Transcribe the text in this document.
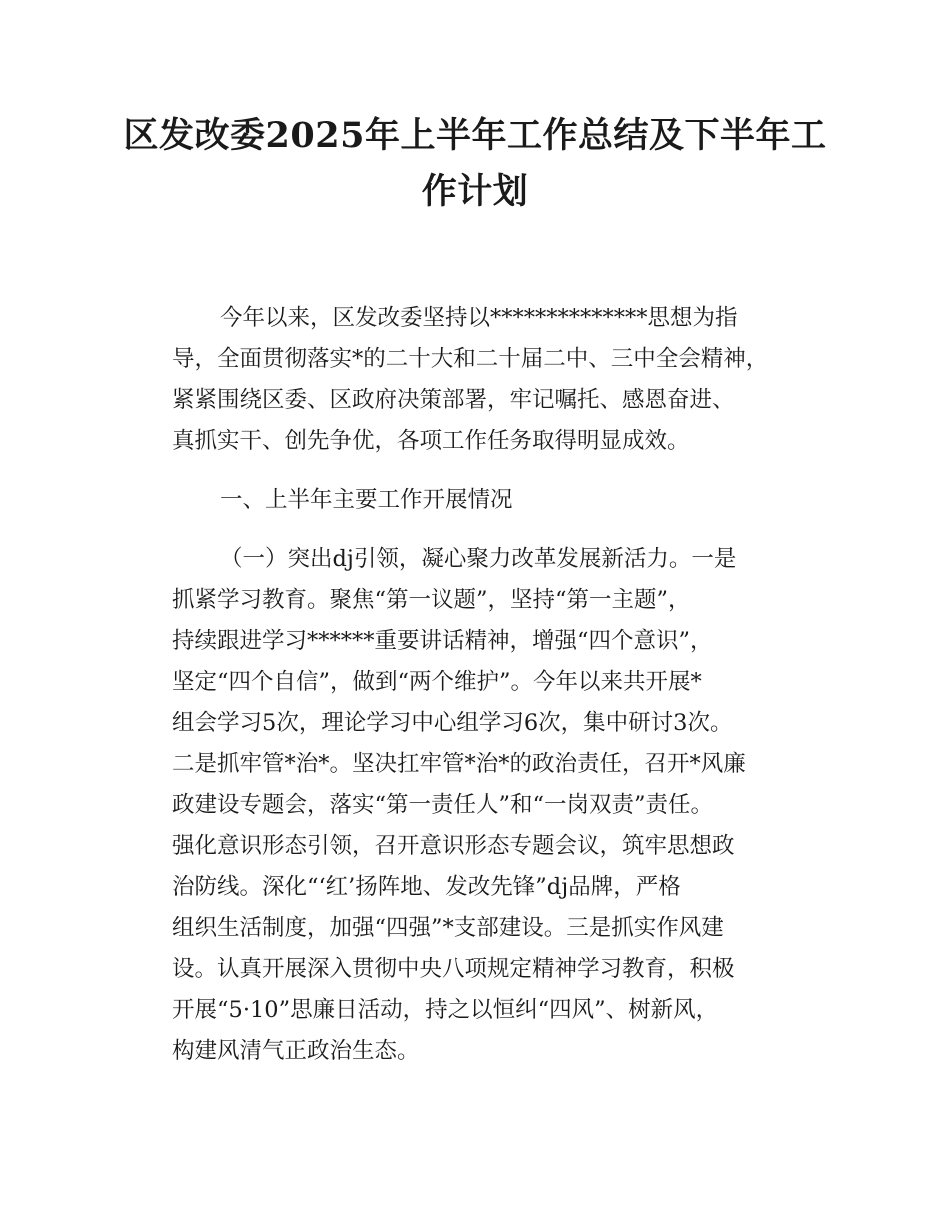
区发改委2025年上半年工作总结及下半年工
作计划
今年以来，区发改委坚持以**************思想为指
导，全面贯彻落实*的二十大和二十届二中、三中全会精神，
紧紧围绕区委、区政府决策部署，牢记嘱托、感恩奋进、
真抓实干、创先争优，各项工作任务取得明显成效。
一、上半年主要工作开展情况
（一）突出dj引领，凝心聚力改革发展新活力。一是
抓紧学习教育。聚焦“第一议题”，坚持“第一主题”，
持续跟进学习******重要讲话精神，增强“四个意识”，
坚定“四个自信”，做到“两个维护”。今年以来共开展*
组会学习5次，理论学习中心组学习6次，集中研讨3次。
二是抓牢管*治*。坚决扛牢管*治*的政治责任，召开*风廉
政建设专题会，落实“第一责任人”和“一岗双责”责任。
强化意识形态引领，召开意识形态专题会议，筑牢思想政
治防线。深化“‘红’扬阵地、发改先锋”dj品牌，严格
组织生活制度，加强“四强”*支部建设。三是抓实作风建
设。认真开展深入贯彻中央八项规定精神学习教育，积极
开展“5·10”思廉日活动，持之以恒纠“四风”、树新风，
构建风清气正政治生态。
